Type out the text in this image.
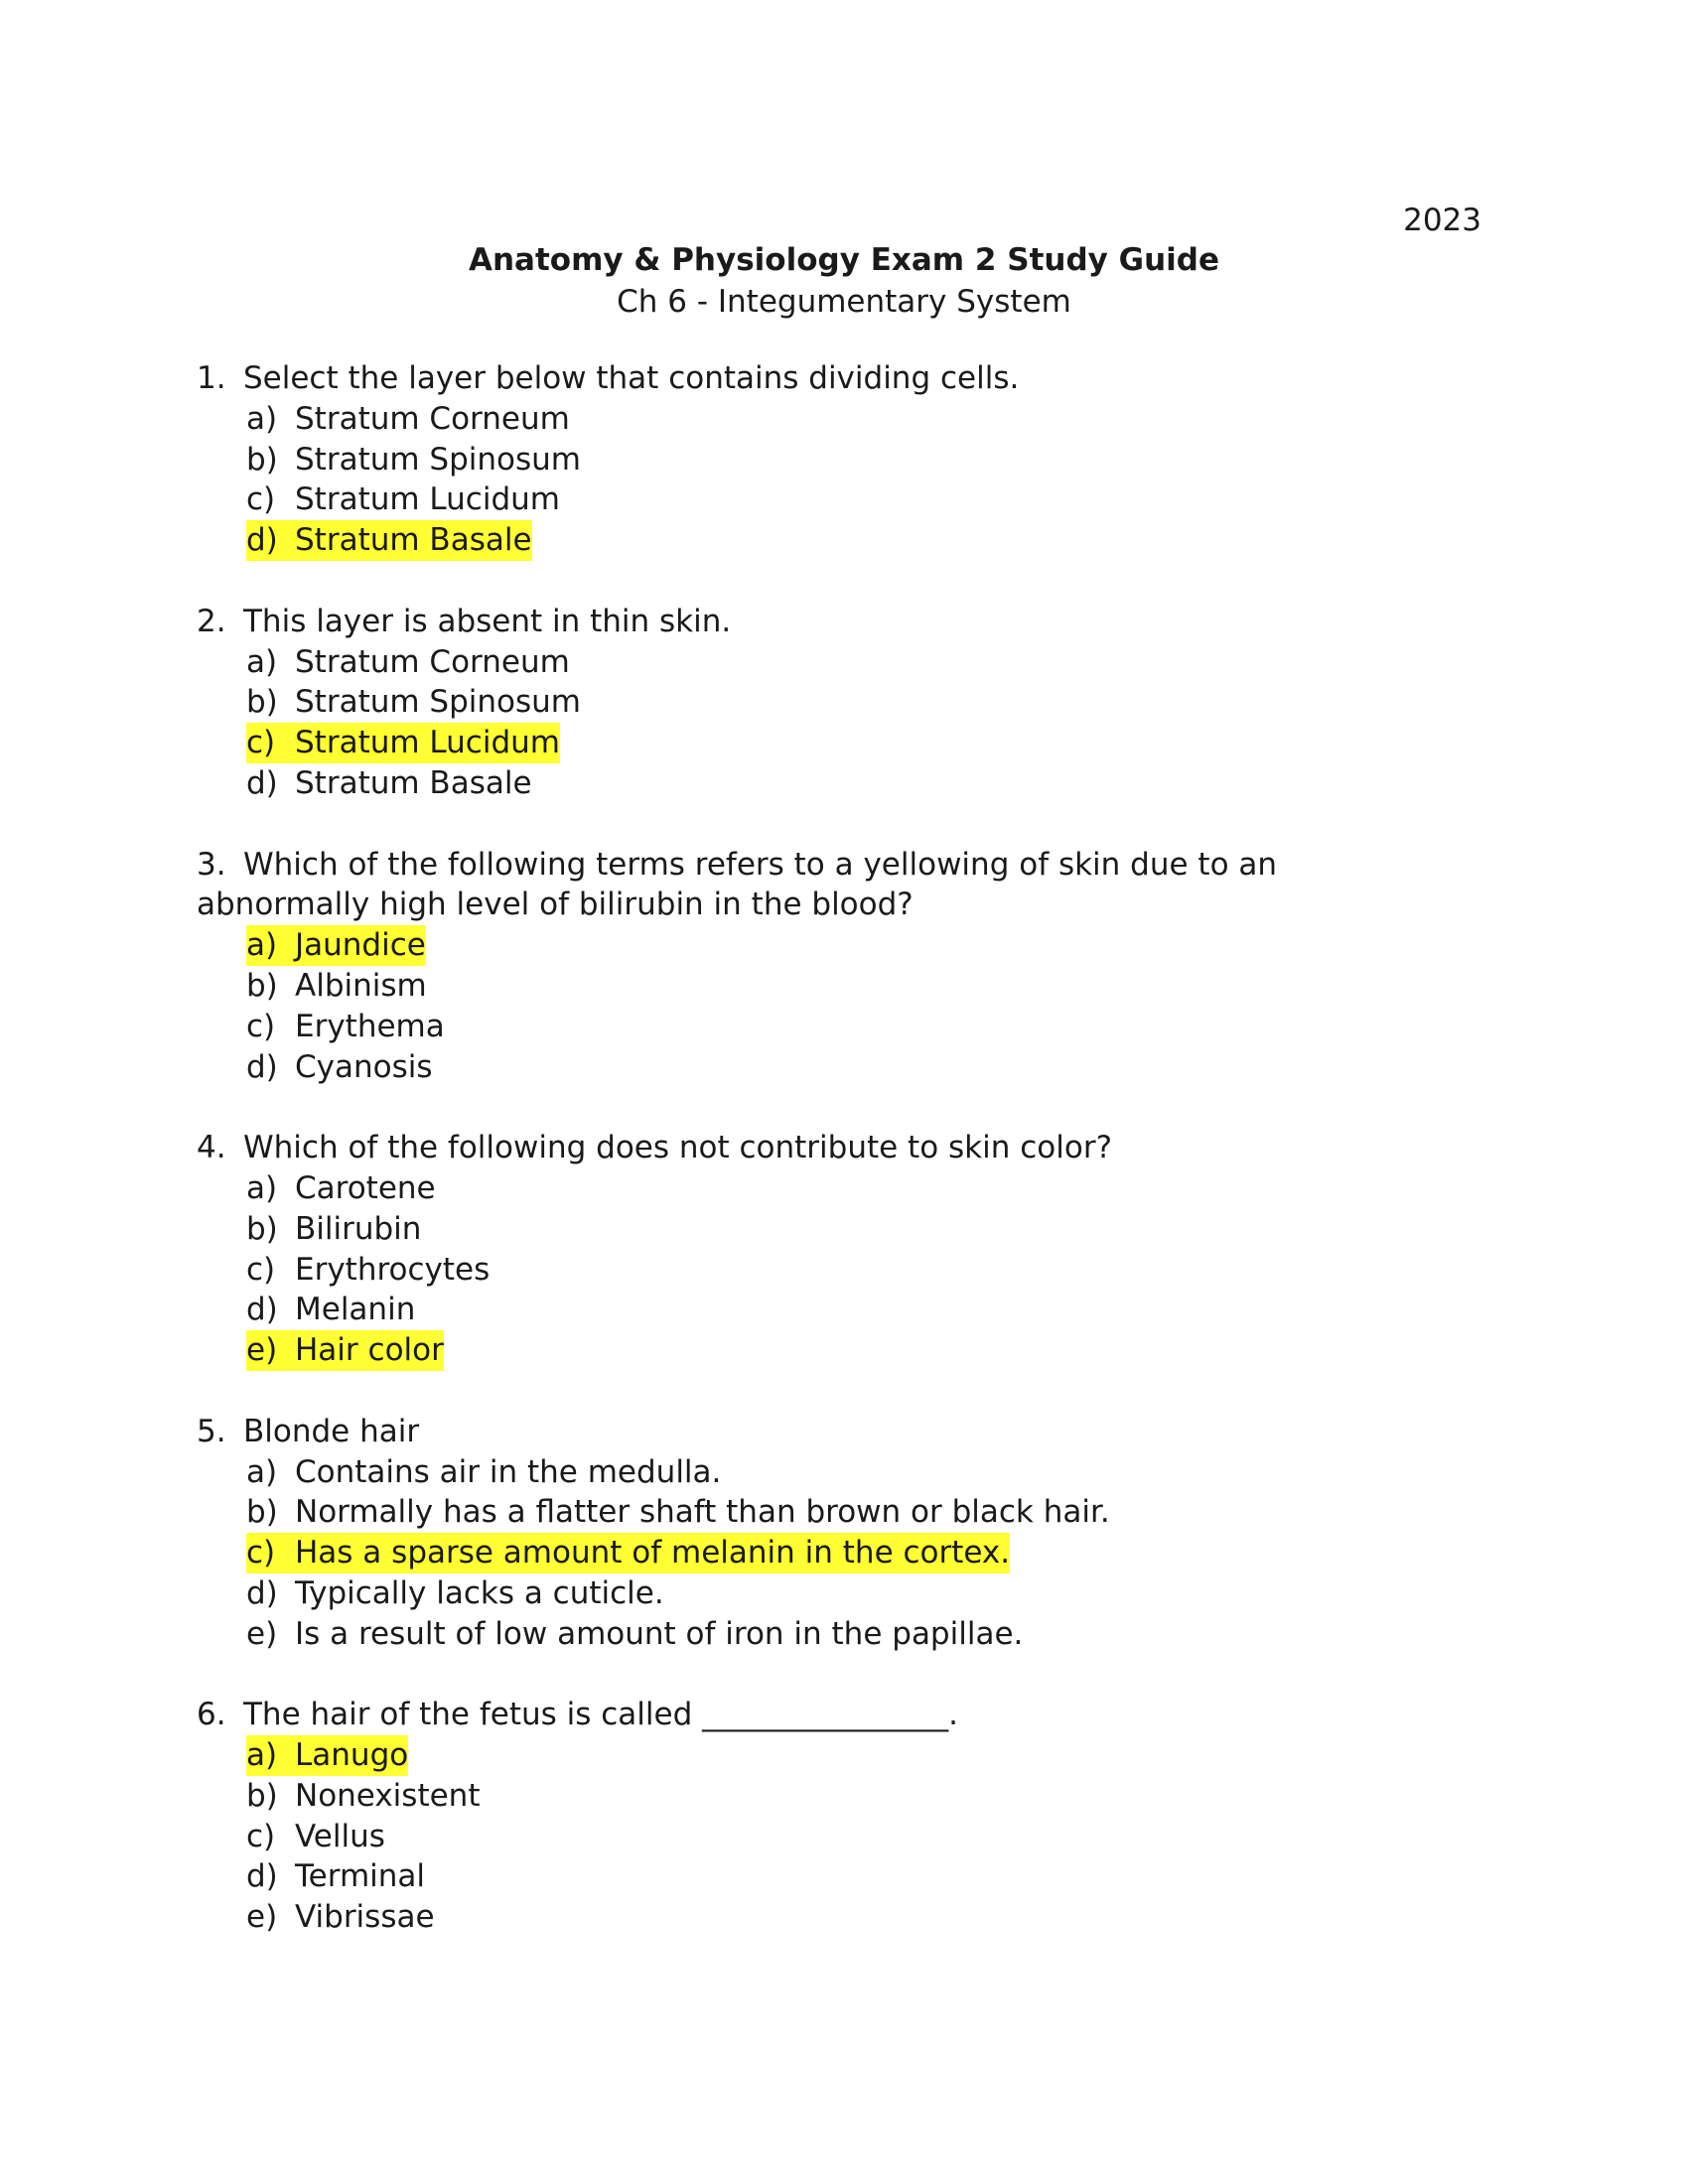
2023
Anatomy & Physiology Exam 2 Study Guide
Ch 6 - Integumentary System
1. Select the layer below that contains dividing cells.
a) Stratum Corneum
b) Stratum Spinosum
c) Stratum Lucidum
d) Stratum Basale
2. This layer is absent in thin skin.
a) Stratum Corneum
b) Stratum Spinosum
c) Stratum Lucidum
d) Stratum Basale
3. Which of the following terms refers to a yellowing of skin due to an
abnormally high level of bilirubin in the blood?
a) Jaundice
b) Albinism
c) Erythema
d) Cyanosis
4. Which of the following does not contribute to skin color?
a) Carotene
b) Bilirubin
c) Erythrocytes
d) Melanin
e) Hair color
5. Blonde hair
a) Contains air in the medulla.
b) Normally has a flatter shaft than brown or black hair.
c) Has a sparse amount of melanin in the cortex.
d) Typically lacks a cuticle.
e) Is a result of low amount of iron in the papillae.
6. The hair of the fetus is called ________________.
a) Lanugo
b) Nonexistent
c) Vellus
d) Terminal
e) Vibrissae
